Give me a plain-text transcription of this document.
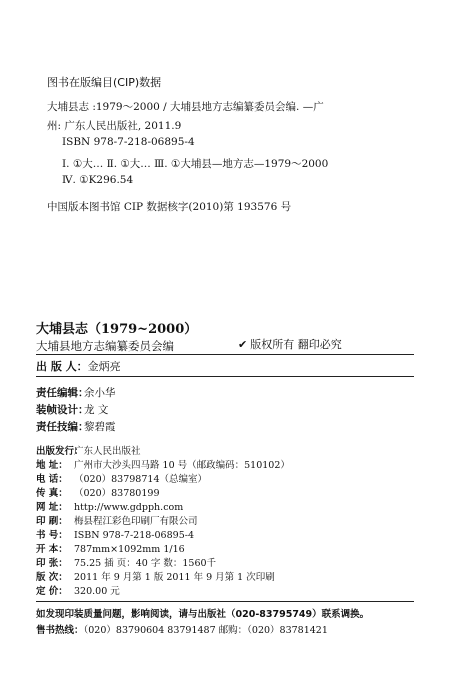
图书在版编目(CIP)数据
大埔县志 :1979～2000 / 大埔县地方志编纂委员会编. —广
州: 广东人民出版社, 2011.9
ISBN 978-7-218-06895-4
Ⅰ. ①大… Ⅱ. ①大… Ⅲ. ①大埔县—地方志—1979～2000
Ⅳ. ①K296.54
中国版本图书馆 CIP 数据核字(2010)第 193576 号
大埔县志（1979~2000）
大埔县地方志编纂委员会编	✔ 版权所有 翻印必究
出 版 人：金炳亮
责任编辑：余小华
装帧设计：龙 文
责任技编：黎碧霞
出版发行：广东人民出版社
地 址： 广州市大沙头四马路 10 号（邮政编码：510102）
电 话： （020）83798714（总编室）
传 真： （020）83780199
网 址： http://www.gdpph.com
印 刷： 梅县程江彩色印刷厂有限公司
书 号： ISBN 978-7-218-06895-4
开 本： 787mm×1092mm 1/16
印 张： 75.25 插 页：40 字 数：1560千
版 次： 2011 年 9 月第 1 版 2011 年 9 月第 1 次印刷
定 价： 320.00 元
如发现印装质量问题，影响阅读，请与出版社（020-83795749）联系调换。
售书热线：（020）83790604 83791487 邮购：（020）83781421
